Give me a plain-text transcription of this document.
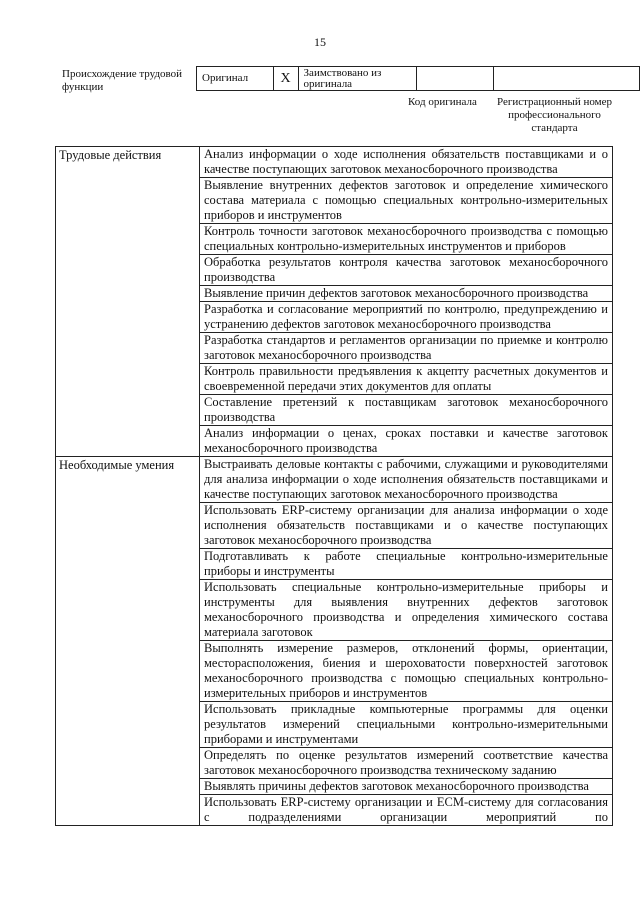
15
Происхождение трудовой функции
Оригинал	X	Заимствовано из оригинала		
Код оригинала	Регистрационный номер профессионального стандарта
Трудовые действия	Анализ информации о ходе исполнения обязательств поставщиками и о качестве поступающих заготовок механосборочного производства
	Выявление внутренних дефектов заготовок и определение химического состава материала с помощью специальных контрольно-измерительных приборов и инструментов
	Контроль точности заготовок механосборочного производства с помощью специальных контрольно-измерительных инструментов и приборов
	Обработка результатов контроля качества заготовок механосборочного производства
	Выявление причин дефектов заготовок механосборочного производства
	Разработка и согласование мероприятий по контролю, предупреждению и устранению дефектов заготовок механосборочного производства
	Разработка стандартов и регламентов организации по приемке и контролю заготовок механосборочного производства
	Контроль правильности предъявления к акцепту расчетных документов и своевременной передачи этих документов для оплаты
	Составление претензий к поставщикам заготовок механосборочного производства
	Анализ информации о ценах, сроках поставки и качестве заготовок механосборочного производства
Необходимые умения	Выстраивать деловые контакты с рабочими, служащими и руководителями для анализа информации о ходе исполнения обязательств поставщиками и качестве поступающих заготовок механосборочного производства
	Использовать ERP-систему организации для анализа информации о ходе исполнения обязательств поставщиками и о качестве поступающих заготовок механосборочного производства
	Подготавливать к работе специальные контрольно-измерительные приборы и инструменты
	Использовать специальные контрольно-измерительные приборы и инструменты для выявления внутренних дефектов заготовок механосборочного производства и определения химического состава материала заготовок
	Выполнять измерение размеров, отклонений формы, ориентации, месторасположения, биения и шероховатости поверхностей заготовок механосборочного производства с помощью специальных контрольно-измерительных приборов и инструментов
	Использовать прикладные компьютерные программы для оценки результатов измерений специальными контрольно-измерительными приборами и инструментами
	Определять по оценке результатов измерений соответствие качества заготовок механосборочного производства техническому заданию
	Выявлять причины дефектов заготовок механосборочного производства
	Использовать ERP-систему организации и ECM-систему для согласования с подразделениями организации мероприятий по
